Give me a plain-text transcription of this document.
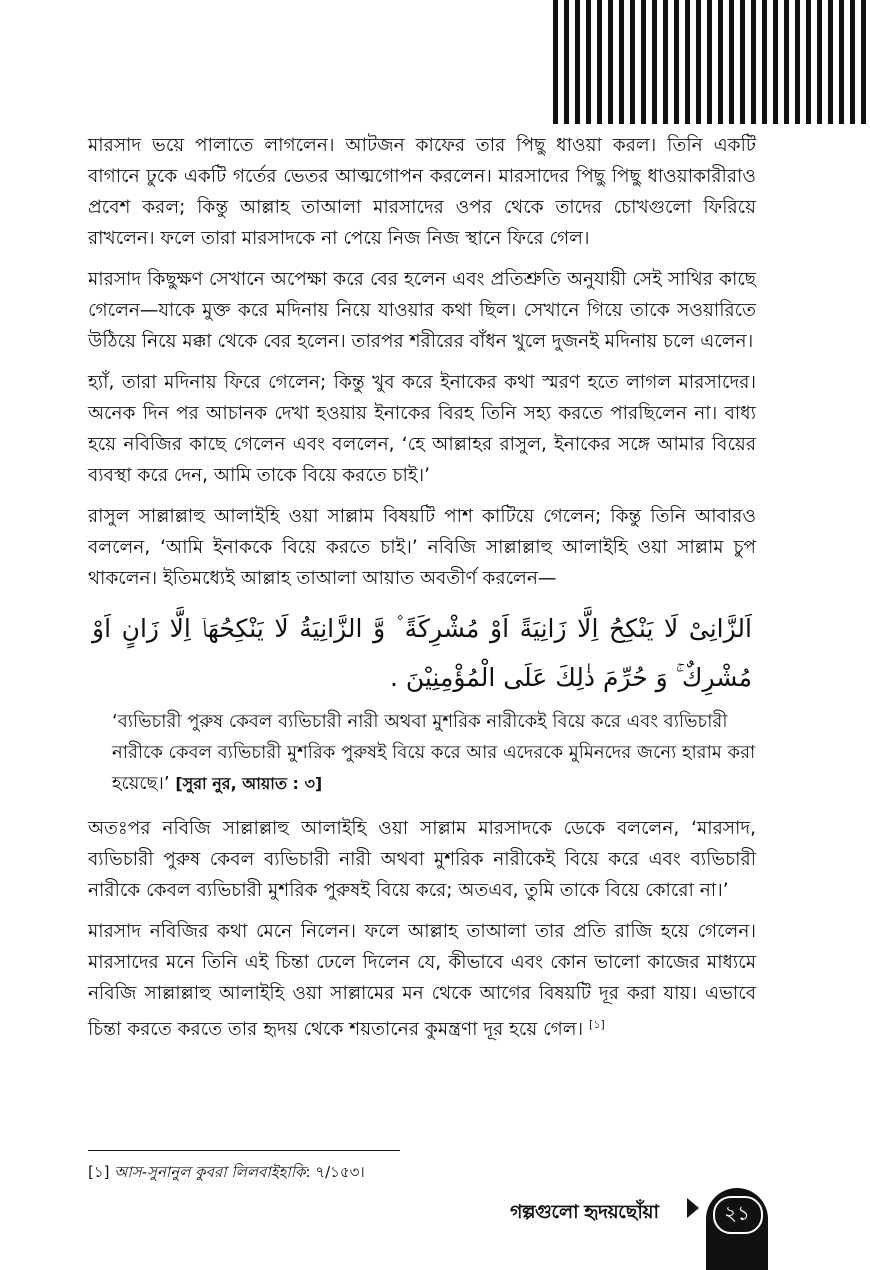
মারসাদ ভয়ে পালাতে লাগলেন। আটজন কাফের তার পিছু ধাওয়া করল। তিনি একটি বাগানে ঢুকে একটি গর্তের ভেতর আত্মগোপন করলেন। মারসাদের পিছু পিছু ধাওয়াকারীরাও প্রবেশ করল; কিন্তু আল্লাহ তাআলা মারসাদের ওপর থেকে তাদের চোখগুলো ফিরিয়ে রাখলেন। ফলে তারা মারসাদকে না পেয়ে নিজ নিজ স্থানে ফিরে গেল।

মারসাদ কিছুক্ষণ সেখানে অপেক্ষা করে বের হলেন এবং প্রতিশ্রুতি অনুযায়ী সেই সাথির কাছে গেলেন—যাকে মুক্ত করে মদিনায় নিয়ে যাওয়ার কথা ছিল। সেখানে গিয়ে তাকে সওয়ারিতে উঠিয়ে নিয়ে মক্কা থেকে বের হলেন। তারপর শরীরের বাঁধন খুলে দুজনই মদিনায় চলে এলেন।

হ্যাঁ, তারা মদিনায় ফিরে গেলেন; কিন্তু খুব করে ইনাকের কথা স্মরণ হতে লাগল মারসাদের। অনেক দিন পর আচানক দেখা হওয়ায় ইনাকের বিরহ তিনি সহ্য করতে পারছিলেন না। বাধ্য হয়ে নবিজির কাছে গেলেন এবং বললেন, ‘হে আল্লাহর রাসুল, ইনাকের সঙ্গে আমার বিয়ের ব্যবস্থা করে দেন, আমি তাকে বিয়ে করতে চাই।’

রাসুল সাল্লাল্লাহু আলাইহি ওয়া সাল্লাম বিষয়টি পাশ কাটিয়ে গেলেন; কিন্তু তিনি আবারও বললেন, ‘আমি ইনাককে বিয়ে করতে চাই।’ নবিজি সাল্লাল্লাহু আলাইহি ওয়া সাল্লাম চুপ থাকলেন। ইতিমধ্যেই আল্লাহ তাআলা আয়াত অবতীর্ণ করলেন—

اَلزَّانِیْ لَا یَنْكِحُ اِلَّا زَانِیَةً اَوْ مُشْرِكَةً ۫ وَّ الزَّانِیَةُ لَا یَنْكِحُهَاۤ اِلَّا زَانٍ اَوْ مُشْرِكٌ ۚ وَ حُرِّمَ ذٰلِكَ عَلَى الْمُؤْمِنِیْنَ .
‘ব্যভিচারী পুরুষ কেবল ব্যভিচারী নারী অথবা মুশরিক নারীকেই বিয়ে করে এবং ব্যভিচারী নারীকে কেবল ব্যভিচারী মুশরিক পুরুষই বিয়ে করে আর এদেরকে মুমিনদের জন্যে হারাম করা হয়েছে।’ [সুরা নুর, আয়াত : ৩]

অতঃপর নবিজি সাল্লাল্লাহু আলাইহি ওয়া সাল্লাম মারসাদকে ডেকে বললেন, ‘মারসাদ, ব্যভিচারী পুরুষ কেবল ব্যভিচারী নারী অথবা মুশরিক নারীকেই বিয়ে করে এবং ব্যভিচারী নারীকে কেবল ব্যভিচারী মুশরিক পুরুষই বিয়ে করে; অতএব, তুমি তাকে বিয়ে কোরো না।’

মারসাদ নবিজির কথা মেনে নিলেন। ফলে আল্লাহ তাআলা তার প্রতি রাজি হয়ে গেলেন। মারসাদের মনে তিনি এই চিন্তা ঢেলে দিলেন যে, কীভাবে এবং কোন ভালো কাজের মাধ্যমে নবিজি সাল্লাল্লাহু আলাইহি ওয়া সাল্লামের মন থেকে আগের বিষয়টি দূর করা যায়। এভাবে চিন্তা করতে করতে তার হৃদয় থেকে শয়তানের কুমন্ত্রণা দূর হয়ে গেল। [১]

[১] আস-সুনানুল কুবরা লিলবাইহাকি: ৭/১৫৩।
গল্পগুলো হৃদয়ছোঁয়া	২১
